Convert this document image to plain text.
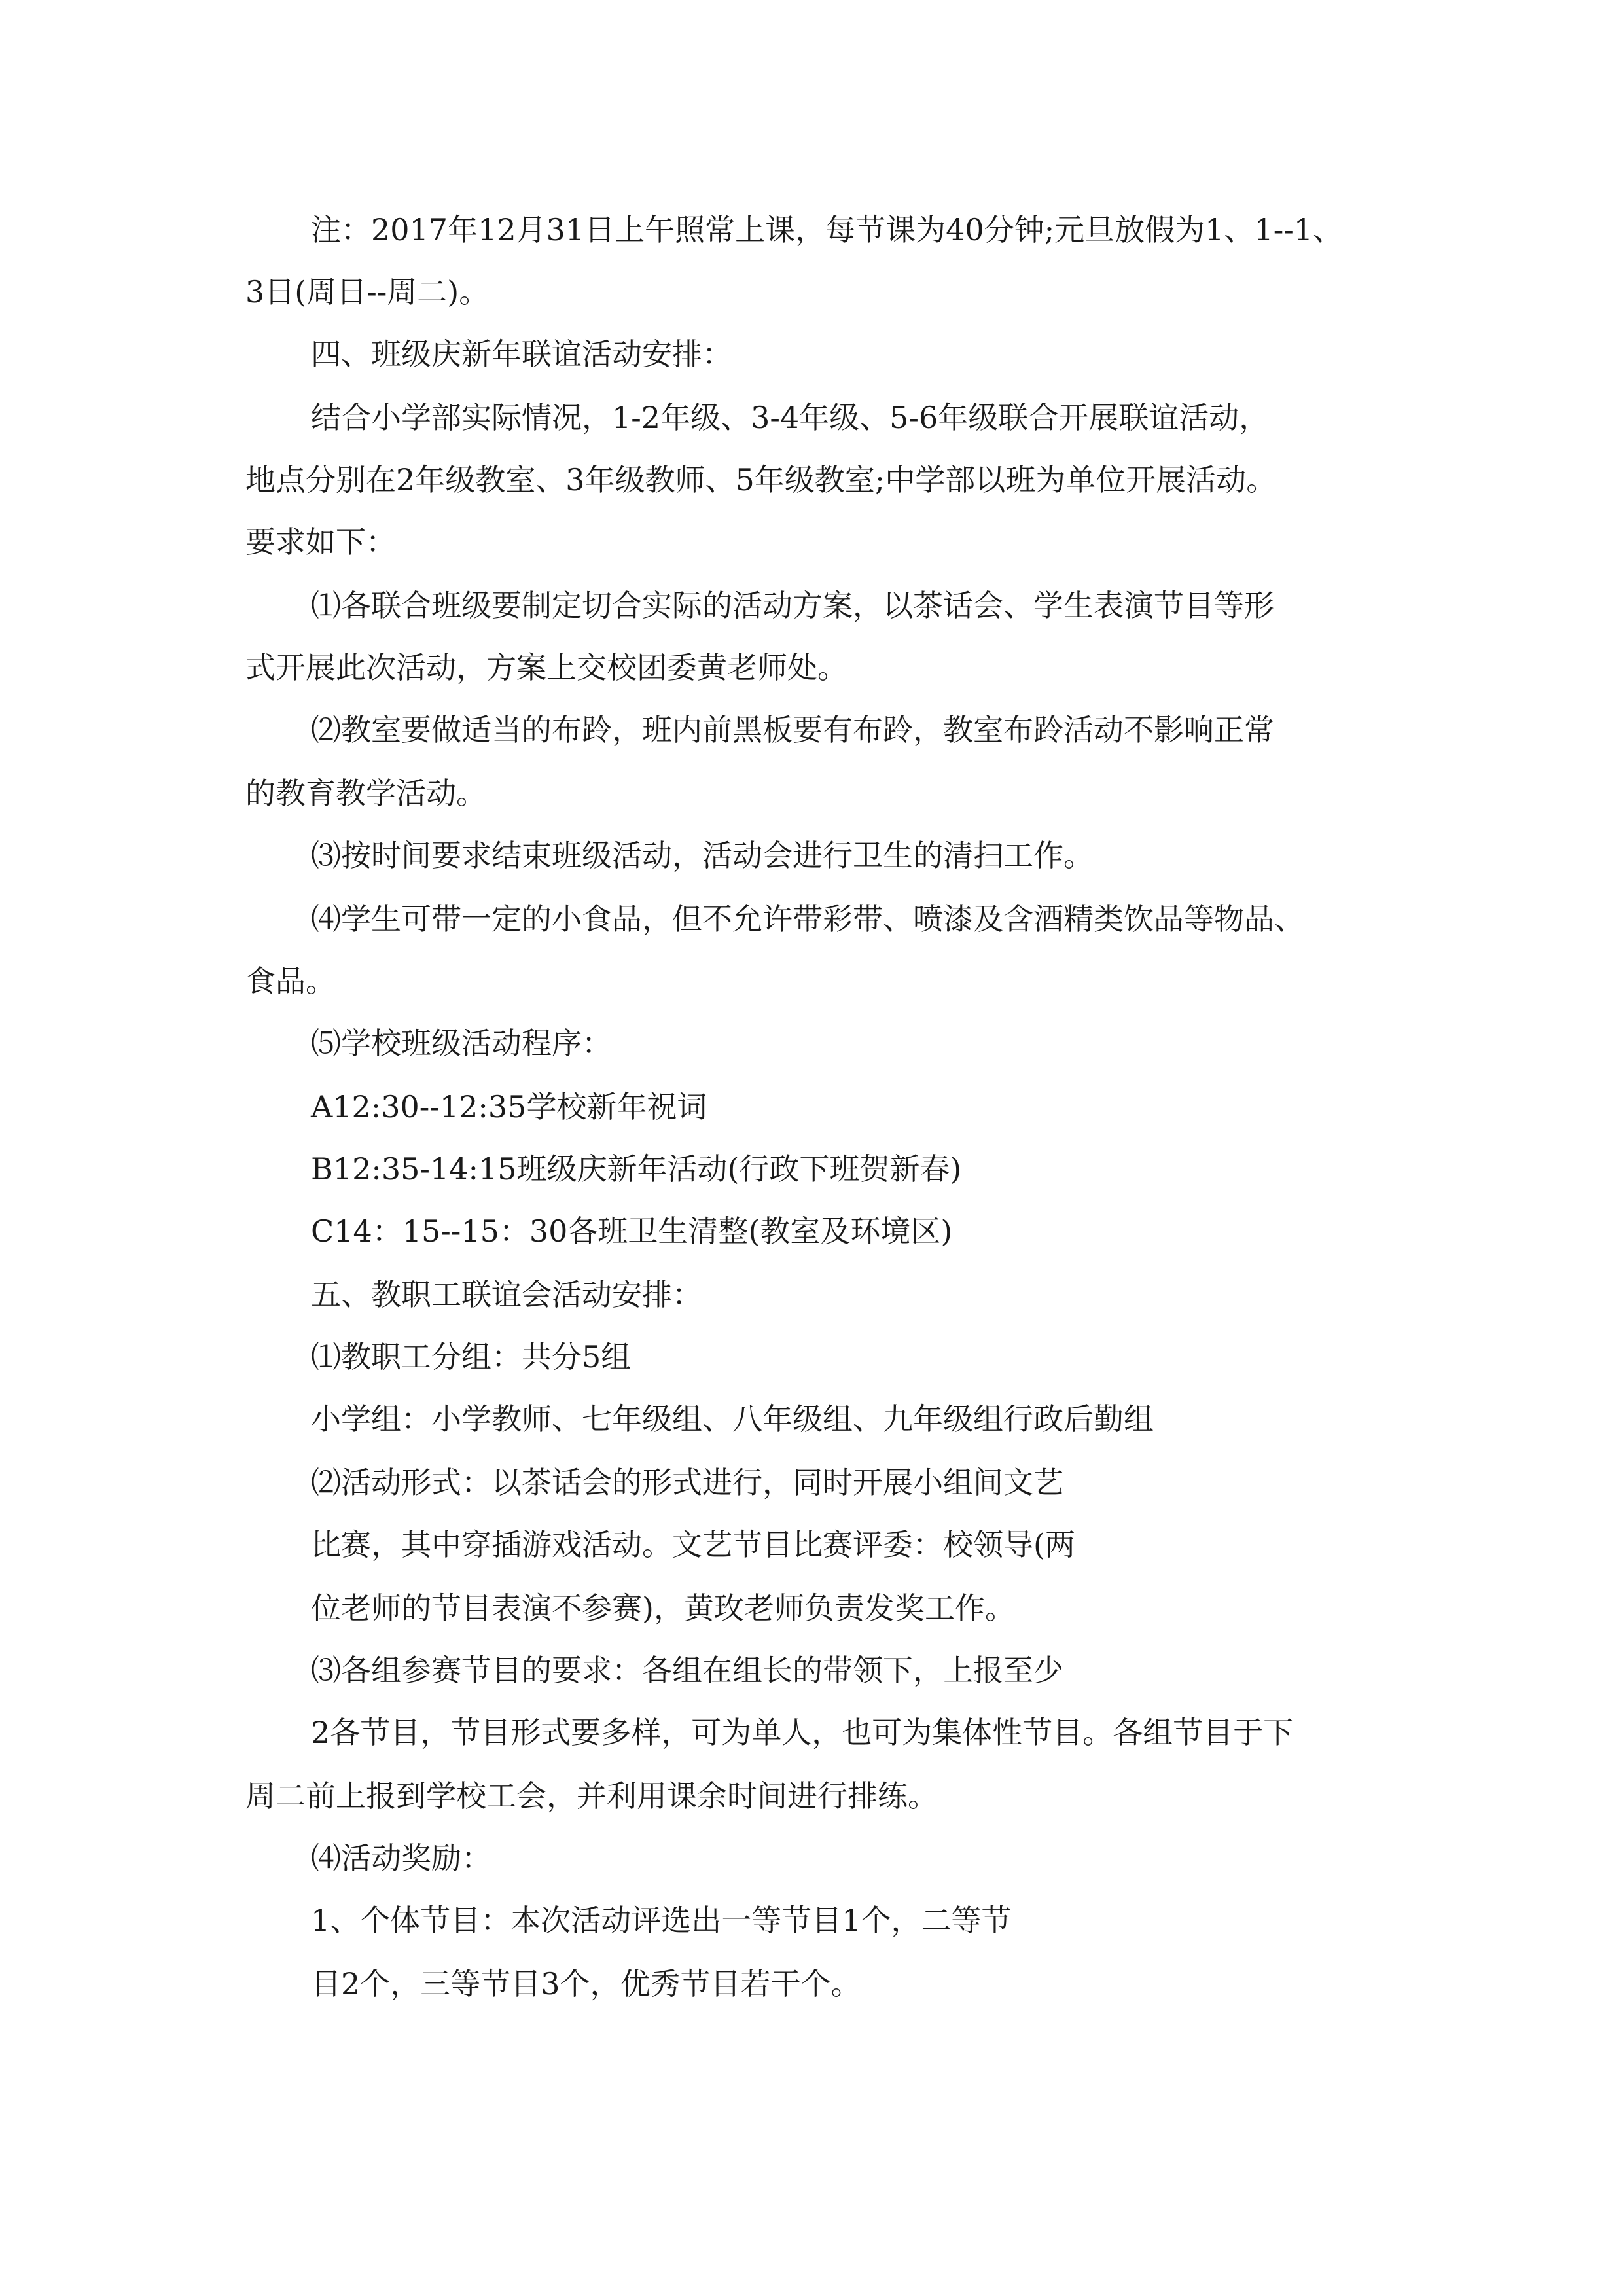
注：2017年12月31日上午照常上课，每节课为40分钟;元旦放假为1、1--1、

3日(周日--周二)。

四、班级庆新年联谊活动安排：

结合小学部实际情况，1-2年级、3-4年级、5-6年级联合开展联谊活动，

地点分别在2年级教室、3年级教师、5年级教室;中学部以班为单位开展活动。

要求如下：

⑴各联合班级要制定切合实际的活动方案，以茶话会、学生表演节目等形

式开展此次活动，方案上交校团委黄老师处。

⑵教室要做适当的布跉，班内前黑板要有布跉，教室布跉活动不影响正常

的教育教学活动。

⑶按时间要求结束班级活动，活动会进行卫生的清扫工作。

⑷学生可带一定的小食品，但不允许带彩带、喷漆及含酒精类饮品等物品、

食品。

⑸学校班级活动程序：

A12:30--12:35学校新年祝词

B12:35-14:15班级庆新年活动(行政下班贺新春)

C14：15--15：30各班卫生清整(教室及环境区)

五、教职工联谊会活动安排：

⑴教职工分组：共分5组

小学组：小学教师、七年级组、八年级组、九年级组行政后勤组

⑵活动形式：以茶话会的形式进行，同时开展小组间文艺

比赛，其中穿插游戏活动。文艺节目比赛评委：校领导(两

位老师的节目表演不参赛)，黄玫老师负责发奖工作。

⑶各组参赛节目的要求：各组在组长的带领下，上报至少

2各节目，节目形式要多样，可为单人，也可为集体性节目。各组节目于下

周二前上报到学校工会，并利用课余时间进行排练。

⑷活动奖励：

1、个体节目：本次活动评选出一等节目1个，二等节

目2个，三等节目3个，优秀节目若干个。
